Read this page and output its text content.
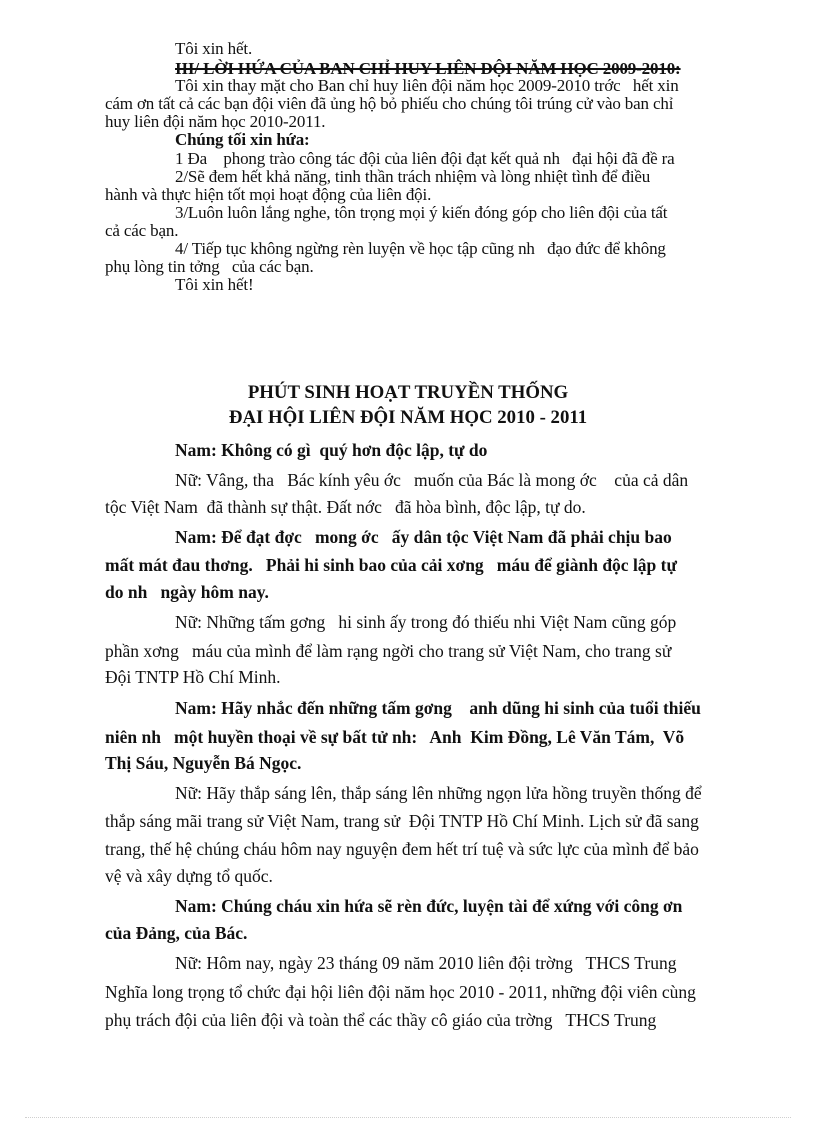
Tôi xin hết.
III/ LỜI HỨA CỦA BAN CHỈ HUY LIÊN ĐỘI NĂM HỌC 2009-2010:
Tôi xin thay mặt cho Ban chỉ huy liên đội năm học 2009-2010 trớc   hết xin
cám ơn tất cả các bạn đội viên đã ủng hộ bỏ phiếu cho chúng tôi trúng cử vào ban chỉ
huy liên đội năm học 2010-2011.
Chúng tối xin hứa:
1 Đa    phong trào công tác đội của liên đội đạt kết quả nh   đại hội đã đề ra
2/Sẽ đem hết khả năng, tinh thần trách nhiệm và lòng nhiệt tình để điều
hành và thực hiện tốt mọi hoạt động của liên đội.
3/Luôn luôn lắng nghe, tôn trọng mọi ý kiến đóng góp cho liên đội của tất
cả các bạn.
4/ Tiếp tục không ngừng rèn luyện về học tập cũng nh   đạo đức để không
phụ lòng tin tởng   của các bạn.
Tôi xin hết!
PHÚT SINH HOẠT TRUYỀN THỐNG
ĐẠI HỘI LIÊN ĐỘI NĂM HỌC 2010 - 2011
Nam: Không có gì  quý hơn độc lập, tự do
Nữ: Vâng, tha   Bác kính yêu ớc   muốn của Bác là mong ớc    của cả dân
tộc Việt Nam  đã thành sự thật. Đất nớc   đã hòa bình, độc lập, tự do.
Nam: Để đạt đợc   mong ớc   ấy dân tộc Việt Nam đã phải chịu bao
mất mát đau thơng.   Phải hi sinh bao của cải xơng   máu để giành độc lập tự
do nh   ngày hôm nay.
Nữ: Những tấm gơng   hi sinh ấy trong đó thiếu nhi Việt Nam cũng góp
phần xơng   máu của mình để làm rạng ngời cho trang sử Việt Nam, cho trang sử
Đội TNTP Hồ Chí Minh.
Nam: Hãy nhắc đến những tấm gơng    anh dũng hi sinh của tuổi thiếu
niên nh   một huyền thoại về sự bất tử nh:   Anh  Kim Đồng, Lê Văn Tám,  Võ
Thị Sáu, Nguyễn Bá Ngọc.
Nữ: Hãy thắp sáng lên, thắp sáng lên những ngọn lửa hồng truyền thống để
thắp sáng mãi trang sử Việt Nam, trang sử  Đội TNTP Hồ Chí Minh. Lịch sử đã sang
trang, thế hệ chúng cháu hôm nay nguyện đem hết trí tuệ và sức lực của mình để bảo
vệ và xây dựng tổ quốc.
Nam: Chúng cháu xin hứa sẽ rèn đức, luyện tài để xứng với công ơn
của Đảng, của Bác.
Nữ: Hôm nay, ngày 23 tháng 09 năm 2010 liên đội trờng   THCS Trung
Nghĩa long trọng tổ chức đại hội liên đội năm học 2010 - 2011, những đội viên cùng
phụ trách đội của liên đội và toàn thể các thầy cô giáo của trờng   THCS Trung
